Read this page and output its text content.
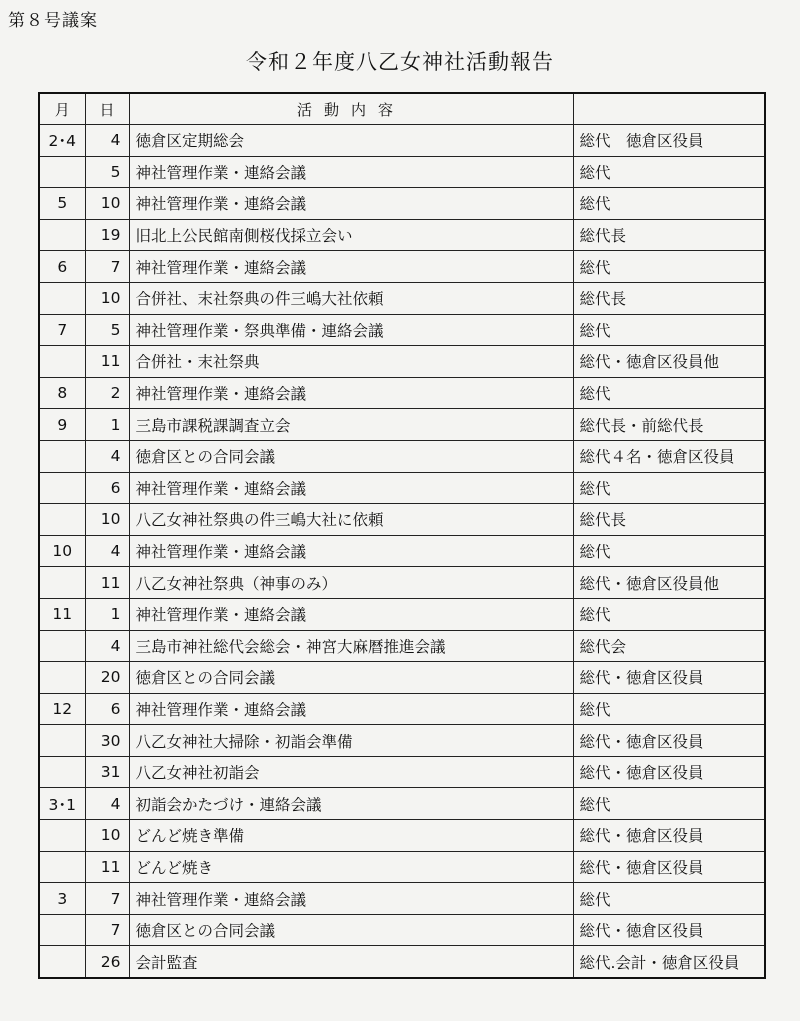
第８号議案
令和２年度八乙女神社活動報告
月	日	活動内容	
2･4	4	徳倉区定期総会	総代　徳倉区役員
	5	神社管理作業・連絡会議	総代
5	10	神社管理作業・連絡会議	総代
	19	旧北上公民館南側桜伐採立会い	総代長
6	7	神社管理作業・連絡会議	総代
	10	合併社、末社祭典の件三嶋大社依頼	総代長
7	5	神社管理作業・祭典準備・連絡会議	総代
	11	合併社・末社祭典	総代・徳倉区役員他
8	2	神社管理作業・連絡会議	総代
9	1	三島市課税課調査立会	総代長・前総代長
	4	徳倉区との合同会議	総代４名・徳倉区役員
	6	神社管理作業・連絡会議	総代
	10	八乙女神社祭典の件三嶋大社に依頼	総代長
10	4	神社管理作業・連絡会議	総代
	11	八乙女神社祭典（神事のみ）	総代・徳倉区役員他
11	1	神社管理作業・連絡会議	総代
	4	三島市神社総代会総会・神宮大麻暦推進会議	総代会
	20	徳倉区との合同会議	総代・徳倉区役員
12	6	神社管理作業・連絡会議	総代
	30	八乙女神社大掃除・初詣会準備	総代・徳倉区役員
	31	八乙女神社初詣会	総代・徳倉区役員
3･1	4	初詣会かたづけ・連絡会議	総代
	10	どんど焼き準備	総代・徳倉区役員
	11	どんど焼き	総代・徳倉区役員
3	7	神社管理作業・連絡会議	総代
	7	徳倉区との合同会議	総代・徳倉区役員
	26	会計監査	総代.会計・徳倉区役員
